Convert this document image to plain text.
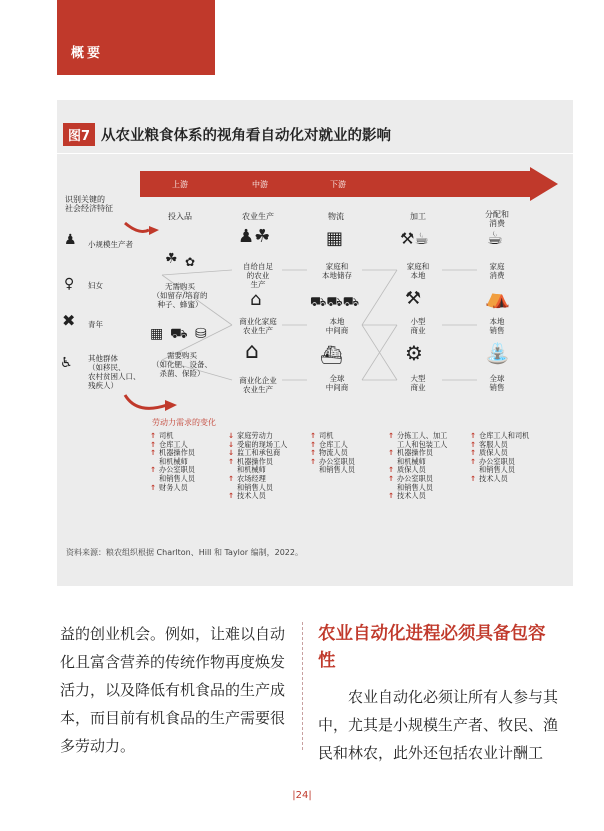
概要
图7 从农业粮食体系的视角看自动化对就业的影响
上游	中游	下游
识别关键的
社会经济特征
投入品	农业生产	物流	加工	分配和
消费
♟ 小规模生产者
♀ 妇女
✖ 青年
♿ 其他群体
（如移民、
农村贫困人口、
残疾人）
☘ ✿
无需购买
（如留存/培育的
种子、蜂蜜）
▦ ⛟ ⛁
需要购买
（如化肥、设备、
杀菌、保险）
♟☘
自给自足
的农业
生产
⌂
商业化家庭
农业生产
⌂
商业化企业
农业生产
▦
家庭和
本地储存
⛟⛟⛟
本地
中间商
⛴
全球
中间商
⚒☕
家庭和
本地
⚒
小型
商业
⚙
大型
商业
☕
家庭
消费
⛺
本地
销售
⛲
全球
销售
劳动力需求的变化
↑ 司机
↑ 仓库工人
↑ 机器操作员
和机械师
↑ 办公室职员
和销售人员
↑ 财务人员
↓ 家庭劳动力
↓ 受雇的现场工人
↓ 监工和承包商
↑ 机器操作员
和机械师
↑ 农场经理
和销售人员
↑ 技术人员
↑ 司机
↑ 仓库工人
↑ 物流人员
↑ 办公室职员
和销售人员
↑ 分拣工人、加工
工人和包装工人
↑ 机器操作员
和机械师
↑ 质保人员
↑ 办公室职员
和销售人员
↑ 技术人员
↑ 仓库工人和司机
↑ 客服人员
↑ 质保人员
↑ 办公室职员
和销售人员
↑ 技术人员
资料来源：粮农组织根据 Charlton、Hill 和 Taylor 编制，2022。
益的创业机会。例如，让难以自动化且富含营养的传统作物再度焕发活力，以及降低有机食品的生产成本，而目前有机食品的生产需要很多劳动力。
农业自动化进程必须具备包容性
农业自动化必须让所有人参与其中，尤其是小规模生产者、牧民、渔民和林农，此外还包括农业计酬工
|24|
